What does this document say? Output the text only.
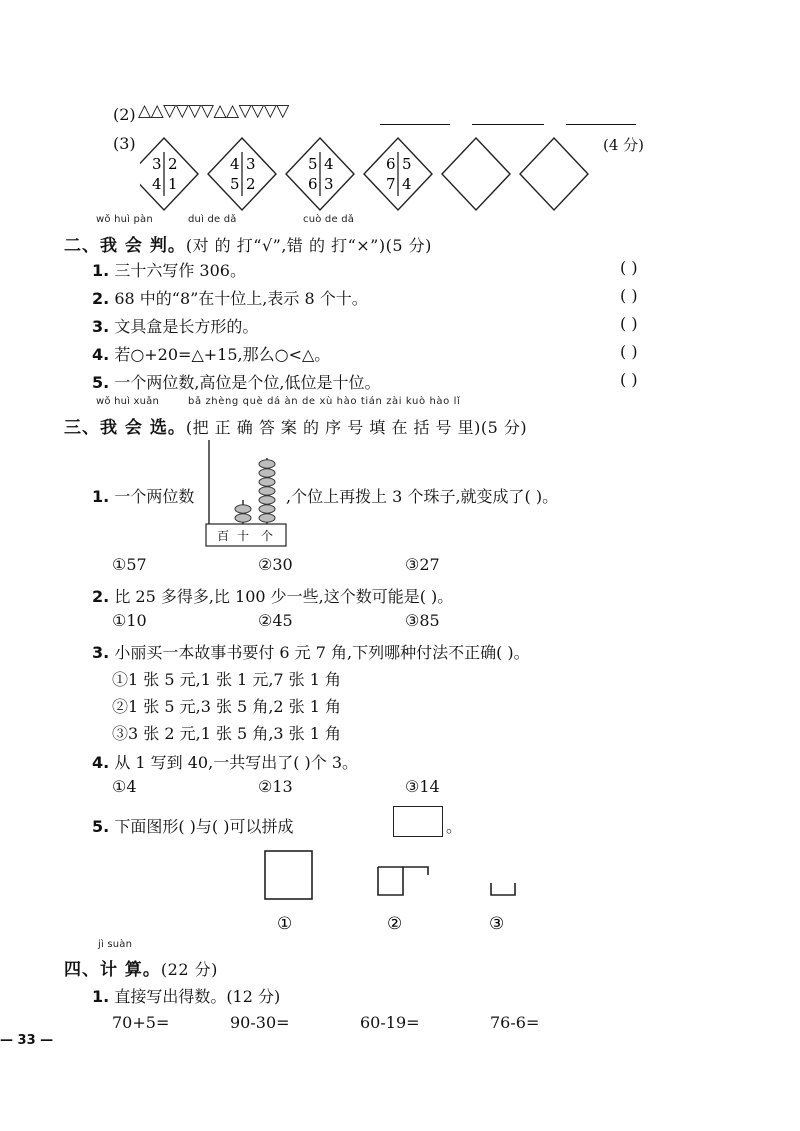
(2) △△▽▽▽▽△△▽▽▽▽
(3)	(4 分)
3 2
4 1
4 3
5 2
5 4
6 3
6 5
7 4
wǒ huì pàn	duì de dǎ	cuò de dǎ
二、我 会 判。(对 的 打“√”,错 的 打“×”)(5 分)
1. 三十六写作 306。	( )
2. 68 中的“8”在十位上,表示 8 个十。	( )
3. 文具盒是长方形的。	( )
4. 若○+20=△+15,那么○<△。	( )
5. 一个两位数,高位是个位,低位是十位。	( )
wǒ huì xuǎn	bǎ zhèng què dá àn de xù hào tián zài kuò hào lǐ
三、我 会 选。(把 正 确 答 案 的 序 号 填 在 括 号 里)(5 分)
1. 一个两位数
百 十 个
,个位上再拨上 3 个珠子,就变成了( )。
①57	②30	③27
2. 比 25 多得多,比 100 少一些,这个数可能是( )。
①10	②45	③85
3. 小丽买一本故事书要付 6 元 7 角,下列哪种付法不正确( )。
①1 张 5 元,1 张 1 元,7 张 1 角
②1 张 5 元,3 张 5 角,2 张 1 角
③3 张 2 元,1 张 5 角,3 张 1 角
4. 从 1 写到 40,一共写出了( )个 3。
①4	②13	③14
5. 下面图形( )与( )可以拼成	。
①	②	③
jì suàn
四、计 算。(22 分)
1. 直接写出得数。(12 分)
70+5=	90-30=	60-19=	76-6=
— 33 —
